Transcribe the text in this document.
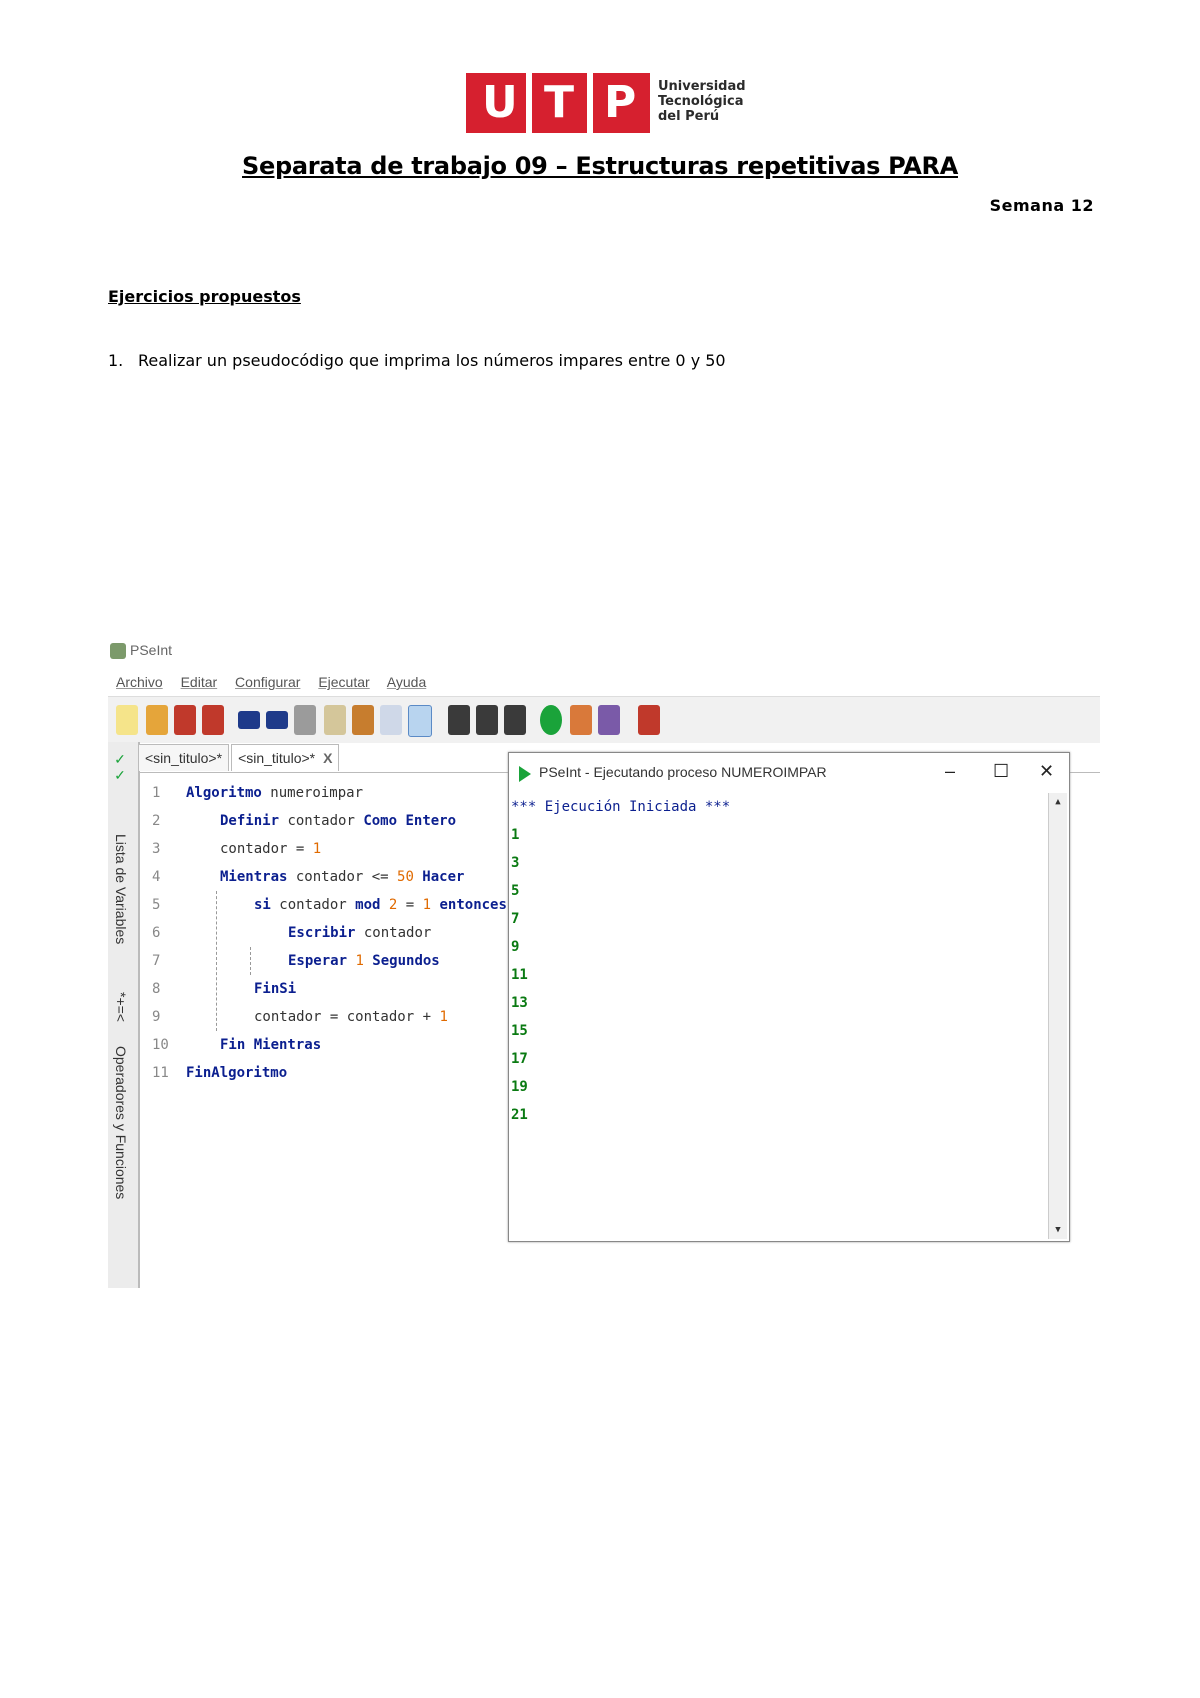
U T P Universidad
Tecnológica
del Perú
Separata de trabajo 09 – Estructuras repetitivas PARA
Semana 12
Ejercicios propuestos
1. Realizar un pseudocódigo que imprima los números impares entre 0 y 50
PSeInt
Archivo Editar Configurar Ejecutar Ayuda
✓✓
Lista de Variables
*+=<
Operadores y Funciones
<sin_titulo>* <sin_titulo>* X
1	Algoritmo numeroimpar
2	Definir contador Como Entero
3	contador = 1
4	Mientras contador <= 50 Hacer
5	si contador mod 2 = 1 entonces
6	Escribir contador
7	Esperar 1 Segundos
8	FinSi
9	contador = contador + 1
10	Fin Mientras
11	FinAlgoritmo
PSeInt - Ejecutando proceso NUMEROIMPAR	– ☐ ✕
*** Ejecución Iniciada ***	▲
▼
1
3
5
7
9
11
13
15
17
19
21
